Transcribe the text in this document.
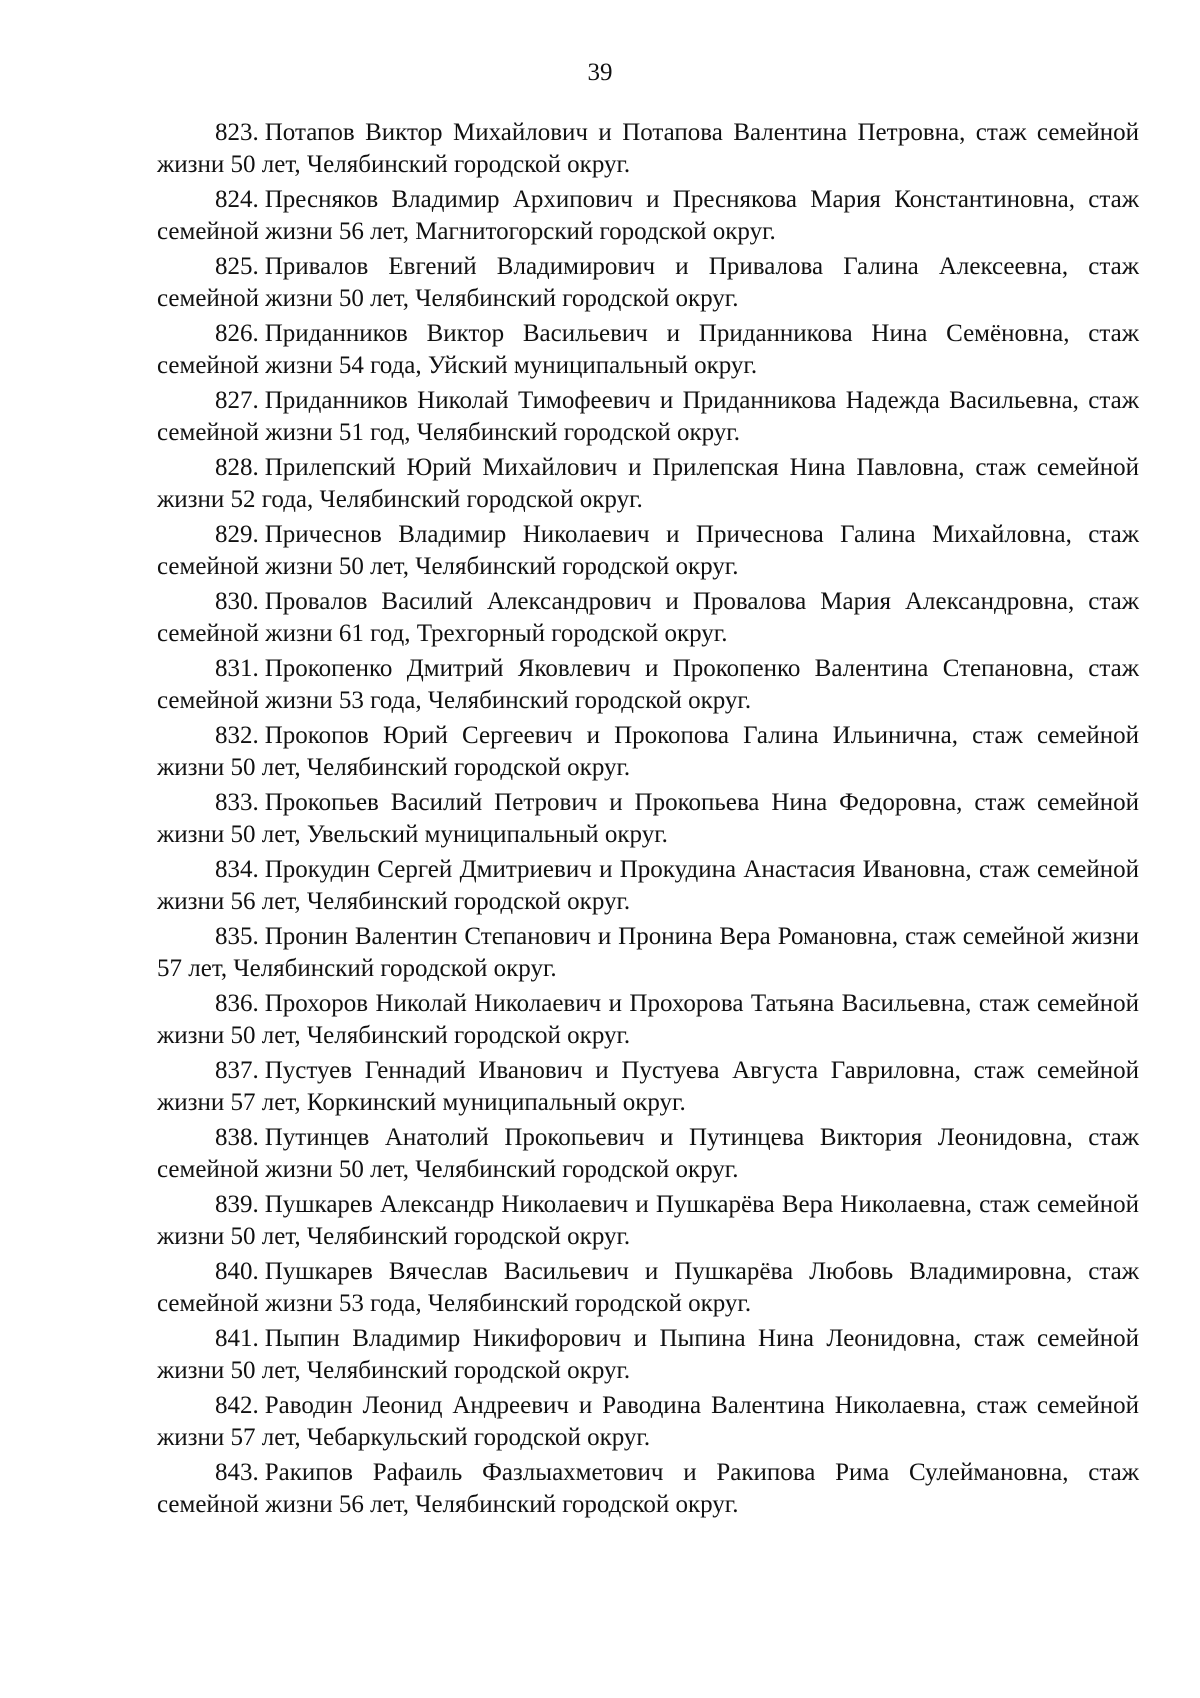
39

823. Потапов Виктор Михайлович и Потапова Валентина Петровна, стаж семейной жизни 50 лет, Челябинский городской округ.

824. Пресняков Владимир Архипович и Преснякова Мария Константиновна, стаж семейной жизни 56 лет, Магнитогорский городской округ.

825. Привалов Евгений Владимирович и Привалова Галина Алексеевна, стаж семейной жизни 50 лет, Челябинский городской округ.

826. Приданников Виктор Васильевич и Приданникова Нина Семёновна, стаж семейной жизни 54 года, Уйский муниципальный округ.

827. Приданников Николай Тимофеевич и Приданникова Надежда Васильевна, стаж семейной жизни 51 год, Челябинский городской округ.

828. Прилепский Юрий Михайлович и Прилепская Нина Павловна, стаж семейной жизни 52 года, Челябинский городской округ.

829. Причеснов Владимир Николаевич и Причеснова Галина Михайловна, стаж семейной жизни 50 лет, Челябинский городской округ.

830. Провалов Василий Александрович и Провалова Мария Александровна, стаж семейной жизни 61 год, Трехгорный городской округ.

831. Прокопенко Дмитрий Яковлевич и Прокопенко Валентина Степановна, стаж семейной жизни 53 года, Челябинский городской округ.

832. Прокопов Юрий Сергеевич и Прокопова Галина Ильинична, стаж семейной жизни 50 лет, Челябинский городской округ.

833. Прокопьев Василий Петрович и Прокопьева Нина Федоровна, стаж семейной жизни 50 лет, Увельский муниципальный округ.

834. Прокудин Сергей Дмитриевич и Прокудина Анастасия Ивановна, стаж семейной жизни 56 лет, Челябинский городской округ.

835. Пронин Валентин Степанович и Пронина Вера Романовна, стаж семейной жизни 57 лет, Челябинский городской округ.

836. Прохоров Николай Николаевич и Прохорова Татьяна Васильевна, стаж семейной жизни 50 лет, Челябинский городской округ.

837. Пустуев Геннадий Иванович и Пустуева Августа Гавриловна, стаж семейной жизни 57 лет, Коркинский муниципальный округ.

838. Путинцев Анатолий Прокопьевич и Путинцева Виктория Леонидовна, стаж семейной жизни 50 лет, Челябинский городской округ.

839. Пушкарев Александр Николаевич и Пушкарёва Вера Николаевна, стаж семейной жизни 50 лет, Челябинский городской округ.

840. Пушкарев Вячеслав Васильевич и Пушкарёва Любовь Владимировна, стаж семейной жизни 53 года, Челябинский городской округ.

841. Пыпин Владимир Никифорович и Пыпина Нина Леонидовна, стаж семейной жизни 50 лет, Челябинский городской округ.

842. Раводин Леонид Андреевич и Раводина Валентина Николаевна, стаж семейной жизни 57 лет, Чебаркульский городской округ.

843. Ракипов Рафаиль Фазлыахметович и Ракипова Рима Сулеймановна, стаж семейной жизни 56 лет, Челябинский городской округ.
